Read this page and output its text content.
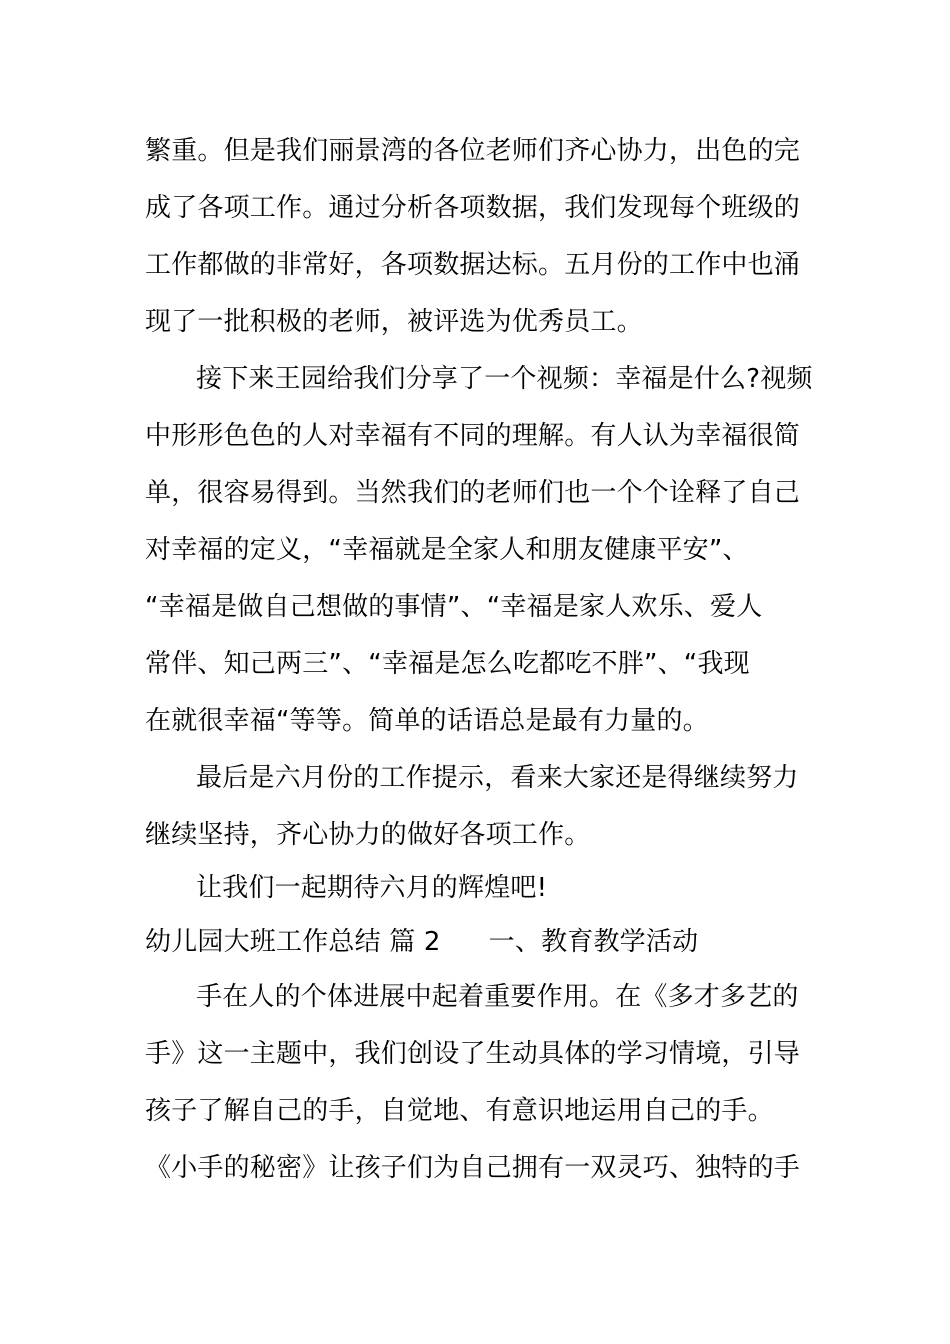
繁重。但是我们丽景湾的各位老师们齐心协力，出色的完
成了各项工作。通过分析各项数据，我们发现每个班级的
工作都做的非常好，各项数据达标。五月份的工作中也涌
现了一批积极的老师，被评选为优秀员工。
接下来王园给我们分享了一个视频：幸福是什么?视频
中形形色色的人对幸福有不同的理解。有人认为幸福很简
单，很容易得到。当然我们的老师们也一个个诠释了自己
对幸福的定义，“幸福就是全家人和朋友健康平安”、
“幸福是做自己想做的事情”、“幸福是家人欢乐、爱人
常伴、知己两三”、“幸福是怎么吃都吃不胖”、“我现
在就很幸福“等等。简单的话语总是最有力量的。
最后是六月份的工作提示，看来大家还是得继续努力
继续坚持，齐心协力的做好各项工作。
让我们一起期待六月的辉煌吧!
幼儿园大班工作总结 篇 2 一、教育教学活动
手在人的个体进展中起着重要作用。在《多才多艺的
手》这一主题中，我们创设了生动具体的学习情境，引导
孩子了解自己的手，自觉地、有意识地运用自己的手。
《小手的秘密》让孩子们为自己拥有一双灵巧、独特的手
